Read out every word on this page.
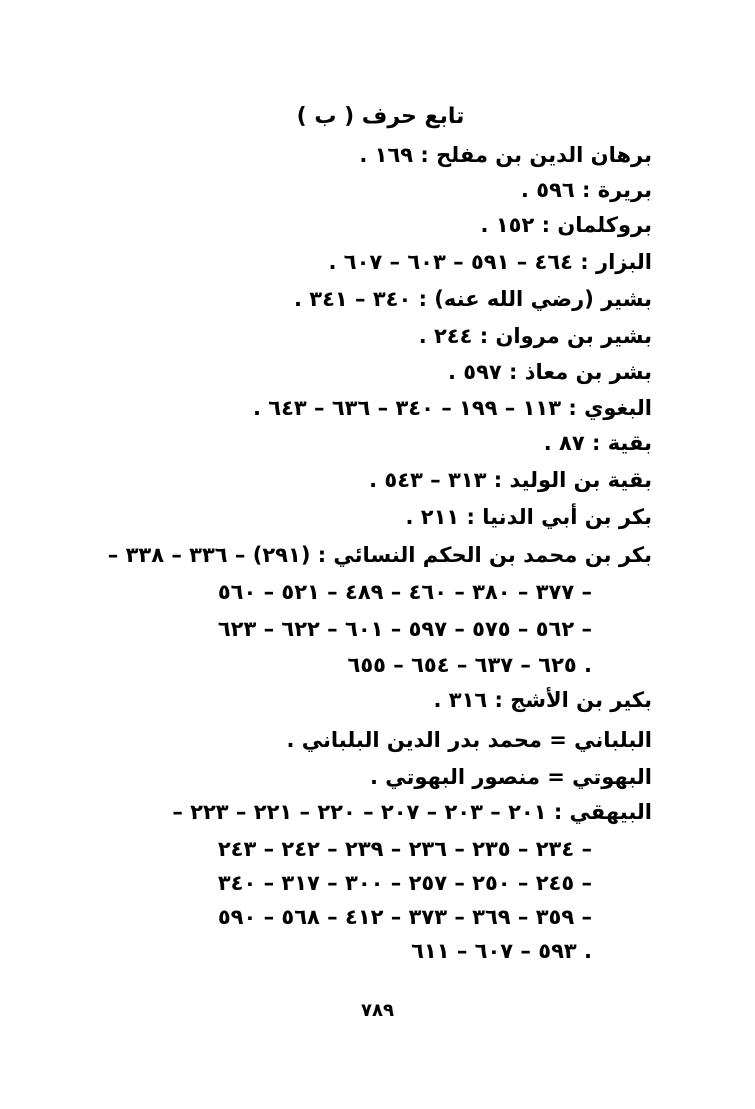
تابع حرف ( ب )
برهان الدين بن مفلح : ١٦٩ .
بريرة : ٥٩٦ .
بروكلمان : ١٥٢ .
البزار : ٤٦٤ – ٥٩١ – ٦٠٣ – ٦٠٧ .
بشير (رضي الله عنه) : ٣٤٠ – ٣٤١ .
بشير بن مروان : ٢٤٤ .
بشر بن معاذ : ٥٩٧ .
البغوي : ١١٣ – ١٩٩ – ٣٤٠ – ٦٣٦ – ٦٤٣ .
بقية : ٨٧ .
بقية بن الوليد : ٣١٣ – ٥٤٣ .
بكر بن أبي الدنيا : ٢١١ .
بكر بن محمد بن الحكم النسائي : (٢٩١) – ٣٣٦ – ٣٣٨ –
٣٧٧ – ٣٨٠ – ٤٦٠ – ٤٨٩ – ٥٢١ – ٥٦٠ –
٥٦٢ – ٥٧٥ – ٥٩٧ – ٦٠١ – ٦٢٢ – ٦٢٣ –
٦٢٥ – ٦٣٧ – ٦٥٤ – ٦٥٥ .
بكير بن الأشج : ٣١٦ .
البلباني = محمد بدر الدين البلباني .
البهوتي = منصور البهوتي .
البيهقي : ٢٠١ – ٢٠٣ – ٢٠٧ – ٢٢٠ – ٢٢١ – ٢٢٣ –
٢٣٤ – ٢٣٥ – ٢٣٦ – ٢٣٩ – ٢٤٢ – ٢٤٣ –
٢٤٥ – ٢٥٠ – ٢٥٧ – ٣٠٠ – ٣١٧ – ٣٤٠ –
٣٥٩ – ٣٦٩ – ٣٧٣ – ٤١٢ – ٥٦٨ – ٥٩٠ –
٥٩٣ – ٦٠٧ – ٦١١ .
٧٨٩
